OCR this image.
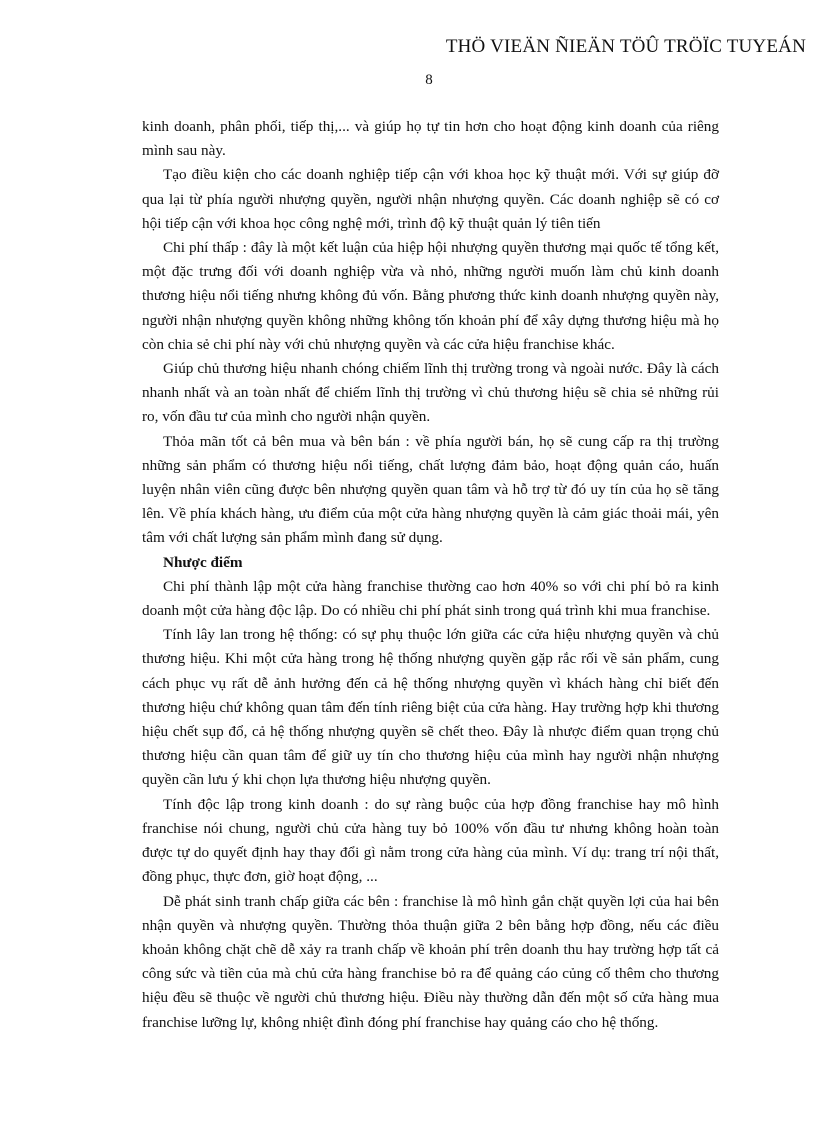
THÖ VIEÄN ÑIEÄN TÖÛ TRÖÏC TUYEÁN
8

kinh doanh, phân phối, tiếp thị,... và giúp họ tự tin hơn cho hoạt động kinh doanh của riêng mình sau này.

Tạo điều kiện cho các doanh nghiệp tiếp cận với khoa học kỹ thuật mới. Với sự giúp đỡ qua lại từ phía người nhượng quyền, người nhận nhượng quyền. Các doanh nghiệp sẽ có cơ hội tiếp cận với khoa học công nghệ mới, trình độ kỹ thuật quản lý tiên tiến

Chi phí thấp : đây là một kết luận của hiệp hội nhượng quyền thương mại quốc tế tổng kết, một đặc trưng đối với doanh nghiệp vừa và nhỏ, những người muốn làm chủ kinh doanh thương hiệu nổi tiếng nhưng không đủ vốn. Bằng phương thức kinh doanh nhượng quyền này, người nhận nhượng quyền không những không tốn khoản phí để xây dựng thương hiệu mà họ còn chia sẻ chi phí này với chủ nhượng quyền và các cửa hiệu franchise khác.

Giúp chủ thương hiệu nhanh chóng chiếm lĩnh thị trường trong và ngoài nước. Đây là cách nhanh nhất và an toàn nhất để chiếm lĩnh thị trường vì chủ thương hiệu sẽ chia sẻ những rủi ro, vốn đầu tư của mình cho người nhận quyền.

Thỏa mãn tốt cả bên mua và bên bán : về phía người bán, họ sẽ cung cấp ra thị trường những sản phẩm có thương hiệu nổi tiếng, chất lượng đảm bảo, hoạt động quản cáo, huấn luyện nhân viên cũng được bên nhượng quyền quan tâm và hỗ trợ từ đó uy tín của họ sẽ tăng lên. Về phía khách hàng, ưu điểm của một cửa hàng nhượng quyền là cảm giác thoải mái, yên tâm với chất lượng sản phẩm mình đang sử dụng.

Nhược điểm

Chi phí thành lập một cửa hàng franchise thường cao hơn 40% so với chi phí bỏ ra kinh doanh một cửa hàng độc lập. Do có nhiều chi phí phát sinh trong quá trình khi mua franchise.

Tính lây lan trong hệ thống: có sự phụ thuộc lớn giữa các cửa hiệu nhượng quyền và chủ thương hiệu. Khi một cửa hàng trong hệ thống nhượng quyền gặp rắc rối về sản phẩm, cung cách phục vụ rất dễ ảnh hưởng đến cả hệ thống nhượng quyền vì khách hàng chỉ biết đến thương hiệu chứ không quan tâm đến tính riêng biệt của cửa hàng. Hay trường hợp khi thương hiệu chết sụp đổ, cả hệ thống nhượng quyền sẽ chết theo. Đây là nhược điểm quan trọng chủ thương hiệu cần quan tâm để giữ uy tín cho thương hiệu của mình hay người nhận nhượng quyền cần lưu ý khi chọn lựa thương hiệu nhượng quyền.

Tính độc lập trong kinh doanh : do sự ràng buộc của hợp đồng franchise hay mô hình franchise nói chung, người chủ cửa hàng tuy bỏ 100% vốn đầu tư nhưng không hoàn toàn được tự do quyết định hay thay đổi gì nằm trong cửa hàng của mình. Ví dụ: trang trí nội thất, đồng phục, thực đơn, giờ hoạt động, ...

Dễ phát sinh tranh chấp giữa các bên : franchise là mô hình gắn chặt quyền lợi của hai bên nhận quyền và nhượng quyền. Thường thỏa thuận giữa 2 bên bằng hợp đồng, nếu các điều khoản không chặt chẽ dễ xảy ra tranh chấp về khoản phí trên doanh thu hay trường hợp tất cả công sức và tiền của mà chủ cửa hàng franchise bỏ ra để quảng cáo củng cố thêm cho thương hiệu đều sẽ thuộc về người chủ thương hiệu. Điều này thường dẫn đến một số cửa hàng mua franchise lưỡng lự, không nhiệt đình đóng phí franchise hay quảng cáo cho hệ thống.
